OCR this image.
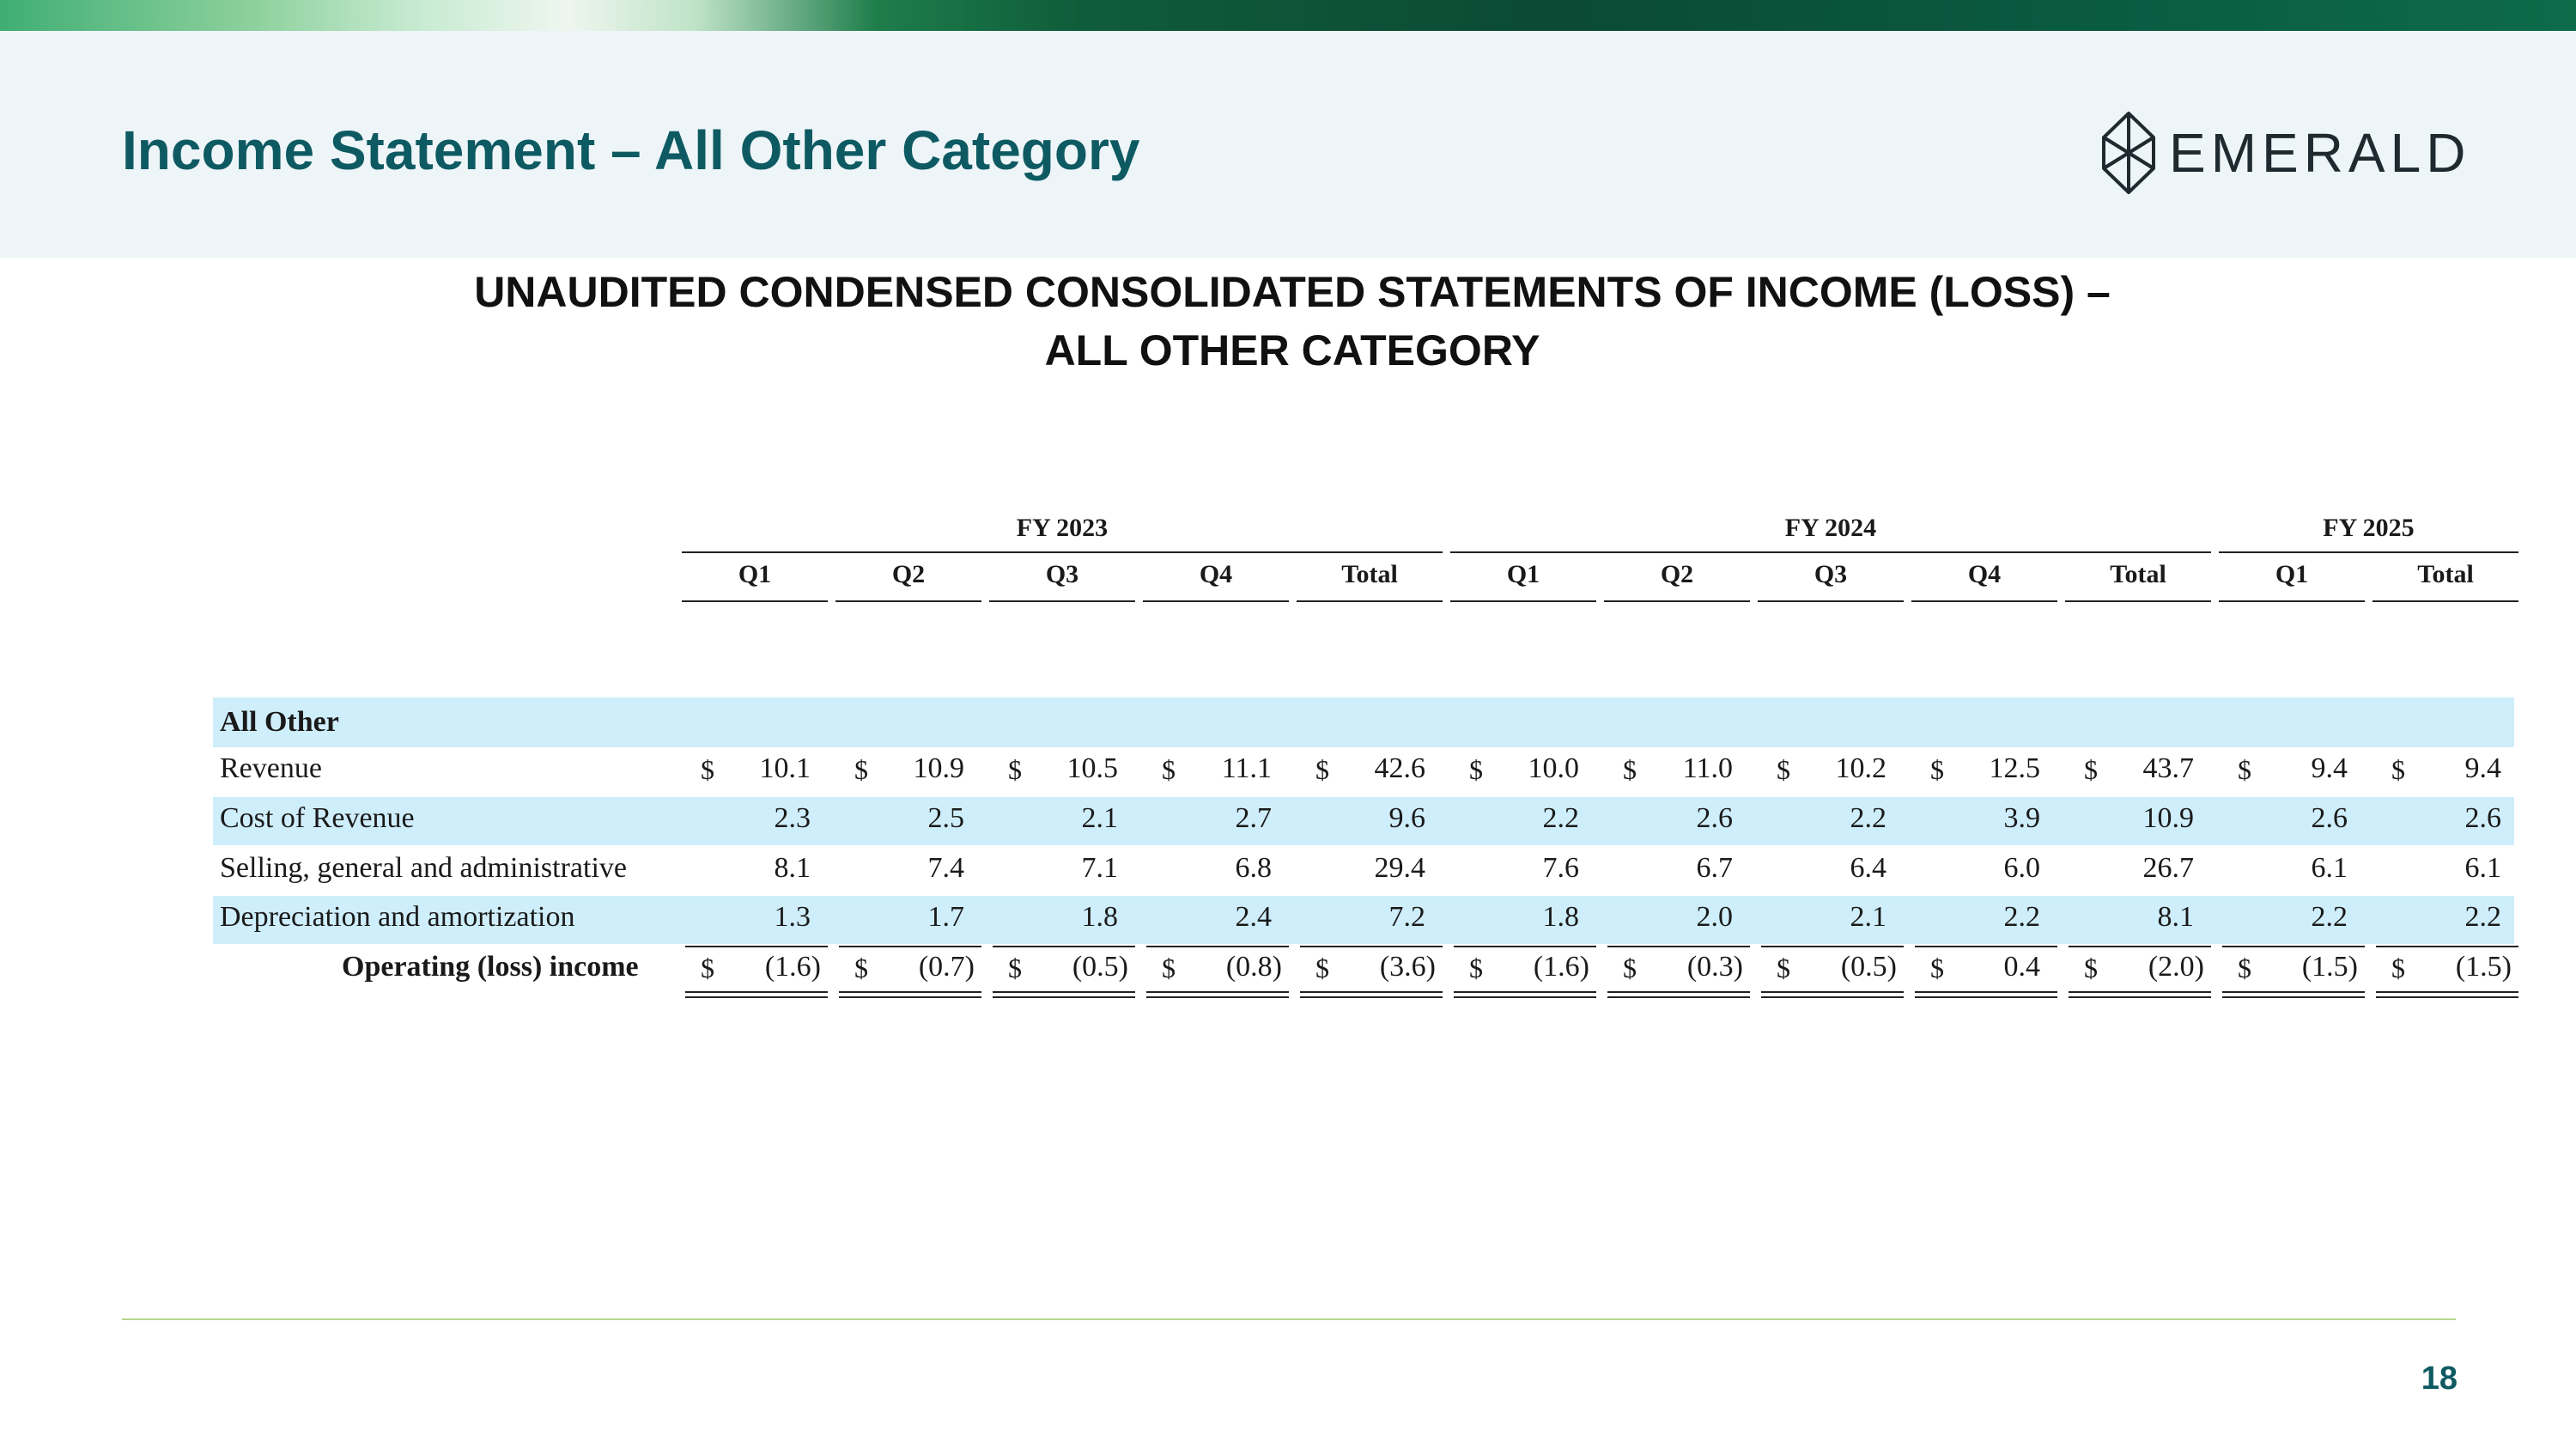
Income Statement – All Other Category	EMERALD
UNAUDITED CONDENSED CONSOLIDATED STATEMENTS OF INCOME (LOSS) –
ALL OTHER CATEGORY
FY 2023	FY 2024	FY 2025
Q1	Q2	Q3	Q4	Total	Q1	Q2	Q3	Q4	Total	Q1	Total
All Other
Revenue	$	10.1 $	10.9 $	10.5 $	11.1 $	42.6 $	10.0 $	11.0 $	10.2 $	12.5 $	43.7 $	9.4 $	9.4
Cost of Revenue	2.3	2.5	2.1	2.7	9.6	2.2	2.6	2.2	3.9	10.9	2.6	2.6
Selling, general and administrative	8.1	7.4	7.1	6.8	29.4	7.6	6.7	6.4	6.0	26.7	6.1	6.1
Depreciation and amortization	1.3	1.7	1.8	2.4	7.2	1.8	2.0	2.1	2.2	8.1	2.2	2.2
Operating (loss) income $	(1.6) $	(0.7) $	(0.5) $	(0.8) $	(3.6) $	(1.6) $	(0.3) $	(0.5) $	0.4 $	(2.0) $	(1.5) $	(1.5)
18
